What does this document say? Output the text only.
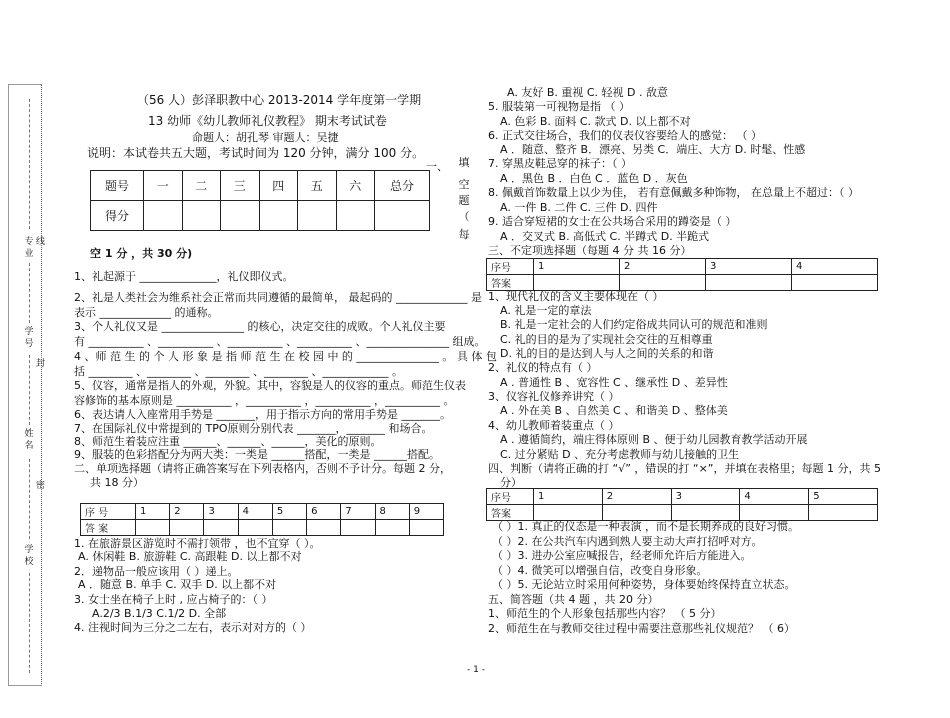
专
业
学
号
姓
名
学
校
线
封
密
（56 人）彭泽职教中心 2013-2014 学年度第一学期
13 幼师《幼儿教师礼仪教程》 期末考试试卷
命题人：胡孔琴 审题人：吴捷
说明：本试卷共五大题，考试时间为 120 分钟，满分 100 分。
题号	一	二	三	四	五	六	总分
得分							
一、 填
空
题
（
每
空 1 分 ，共 30 分)
1、礼起源于 ______________，礼仪即仪式。
2、礼是人类社会为维系社会正常而共同遵循的最简单， 最起码的 _____________ 是
表示 _____________ 的通称。
3、个人礼仪又是 _______________ 的核心，决定交往的成败。个人礼仪主要
有 __________ 、__________ 、__________ 、__________ 、_______________ 组成。
4 、师 范 生 的 个 人 形 象 是 指 师 范 生 在 校 园 中 的 _______________ 。 具 体 包
括 ________ 、________ 、________ 、________ 、____________ 。
5、仪容，通常是指人的外观，外貌。其中，容貌是人的仪容的重点。师范生仪表
容修饰的基本原则是 __________ ，__________ ，__________ ，__________ 。
6、表达请人入座常用手势是 _______，用于指示方向的常用手势是 _______。
7、在国际礼仪中常提到的 TPO原则分别代表 _______，_______ 和场合。
8、师范生着装应注重 ______、______、______，美化的原则。
9、服装的色彩搭配分为两大类：一类是 ______搭配，一类是 ______搭配。
二、单项选择题（请将正确答案写在下列表格内，否则不予计分。每题 2 分，
共 18 分）
序 号	1	2	3	4	5	6	7	8	9
答 案									
1. 在旅游景区游览时不需打领带 ，也不宜穿（ ）。
A. 休闲鞋 B. 旅游鞋 C. 高跟鞋 D. 以上都不对
2．递物品一般应该用（ ）递上。
A ．随意 B. 单手 C. 双手 D. 以上都不对
3. 女士坐在椅子上时 , 应占椅子的：（ ）
A.2/3 B.1/3 C.1/2 D. 全部
4. 注视时间为三分之二左右，表示对对方的（ ）
A. 友好 B. 重视 C. 轻视 D . 敌意
5. 服装第一可视物是指 （ ）
A. 色彩 B. 面料 C. 款式 D. 以上都不对
6. 正式交往场合，我们的仪表仪容要给人的感觉： （ ）
A ．随意、整齐 B．漂亮、另类 C．端庄、大方 D. 时髦、性感
7. 穿黑皮鞋忌穿的袜子：（ ）
A ．黑色 B ．白色 C ．蓝色 D ．灰色
8. 佩戴首饰数量上以少为佳， 若有意佩戴多种饰物， 在总量上不超过：（ ）
A. 一件 B. 二件 C. 三件 D. 四件
9. 适合穿短裙的女士在公共场合采用的蹲姿是（ ）
A ．交叉式 B. 高低式 C. 半蹲式 D. 半跪式
三、不定项选择题（每题 4 分 共 16 分）
序号	1	2	3	4
答案				
1、现代礼仪的含义主要体现在（ ）
A. 礼是一定的章法
B. 礼是一定社会的人们约定俗成共同认可的规范和准则
C. 礼的目的是为了实现社会交往的互相尊重
D. 礼的目的是达到人与人之间的关系的和谐
2、礼仪的特点有（ ）
A . 普通性 B 、宽容性 C 、继承性 D 、差异性
3、仪容礼仪修养讲究（ ）
A . 外在美 B 、自然美 C 、和谐美 D 、整体美
4、幼儿教师着装重点（ ）
A . 遵循简约，端庄得体原则 B 、便于幼儿园教育教学活动开展
C. 过分紧贴 D 、充分考虑教师与幼儿接触的卫生
四、判断（请将正确的打 “√” ，错误的打 “×”，并填在表格里；每题 1 分，共 5
分）
序号	1	2	3	4	5
答案					
（ ）1. 真正的仪态是一种表演 ，而不是长期养成的良好习惯。
（ ）2. 在公共汽车内遇到熟人要主动大声打招呼对方。
（ ）3. 进办公室应喊报告，经老师允许后方能进入。
（ ）4. 微笑可以增强自信，改变自身形象。
（ ）5. 无论站立时采用何种姿势，身体要始终保持直立状态。
五、简答题（共 4 题 ，共 20 分）
1、师范生的个人形象包括那些内容？ （ 5 分）
2、师范生在与教师交往过程中需要注意那些礼仪规范？ （ 6）
- 1 -
